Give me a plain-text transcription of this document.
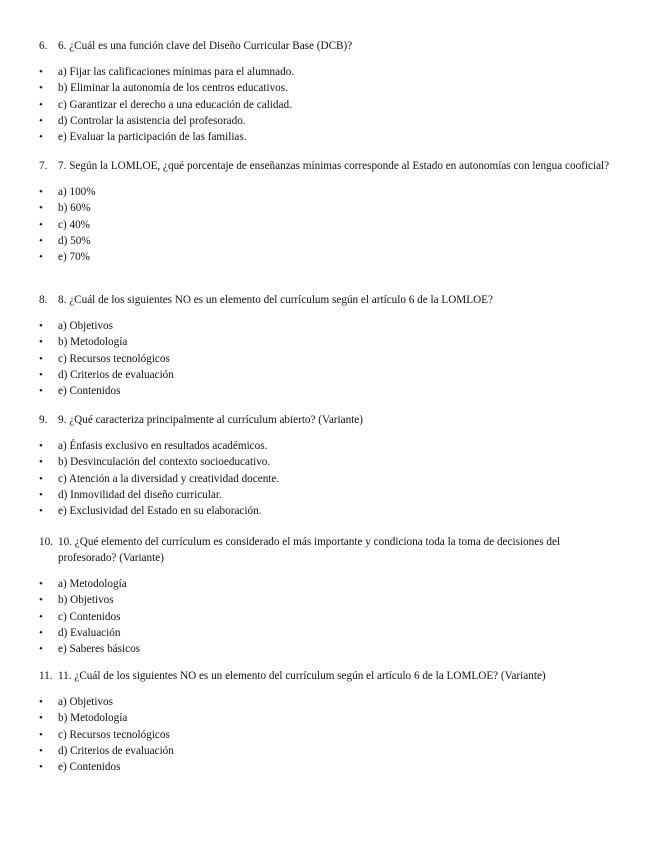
6. 6. ¿Cuál es una función clave del Diseño Curricular Base (DCB)?
• a) Fijar las calificaciones mínimas para el alumnado.
• b) Eliminar la autonomía de los centros educativos.
• c) Garantizar el derecho a una educación de calidad.
• d) Controlar la asistencia del profesorado.
• e) Evaluar la participación de las familias.
7. 7. Según la LOMLOE, ¿qué porcentaje de enseñanzas mínimas corresponde al Estado en autonomías con lengua cooficial?
• a) 100%
• b) 60%
• c) 40%
• d) 50%
• e) 70%
8. 8. ¿Cuál de los siguientes NO es un elemento del currículum según el artículo 6 de la LOMLOE?
• a) Objetivos
• b) Metodología
• c) Recursos tecnológicos
• d) Criterios de evaluación
• e) Contenidos
9. 9. ¿Qué caracteriza principalmente al currículum abierto? (Variante)
• a) Énfasis exclusivo en resultados académicos.
• b) Desvinculación del contexto socioeducativo.
• c) Atención a la diversidad y creatividad docente.
• d) Inmovilidad del diseño curricular.
• e) Exclusividad del Estado en su elaboración.
10. 10. ¿Qué elemento del currículum es considerado el más importante y condiciona toda la toma de decisiones del profesorado? (Variante)
• a) Metodología
• b) Objetivos
• c) Contenidos
• d) Evaluación
• e) Saberes básicos
11. 11. ¿Cuál de los siguientes NO es un elemento del currículum según el artículo 6 de la LOMLOE? (Variante)
• a) Objetivos
• b) Metodología
• c) Recursos tecnológicos
• d) Criterios de evaluación
• e) Contenidos
